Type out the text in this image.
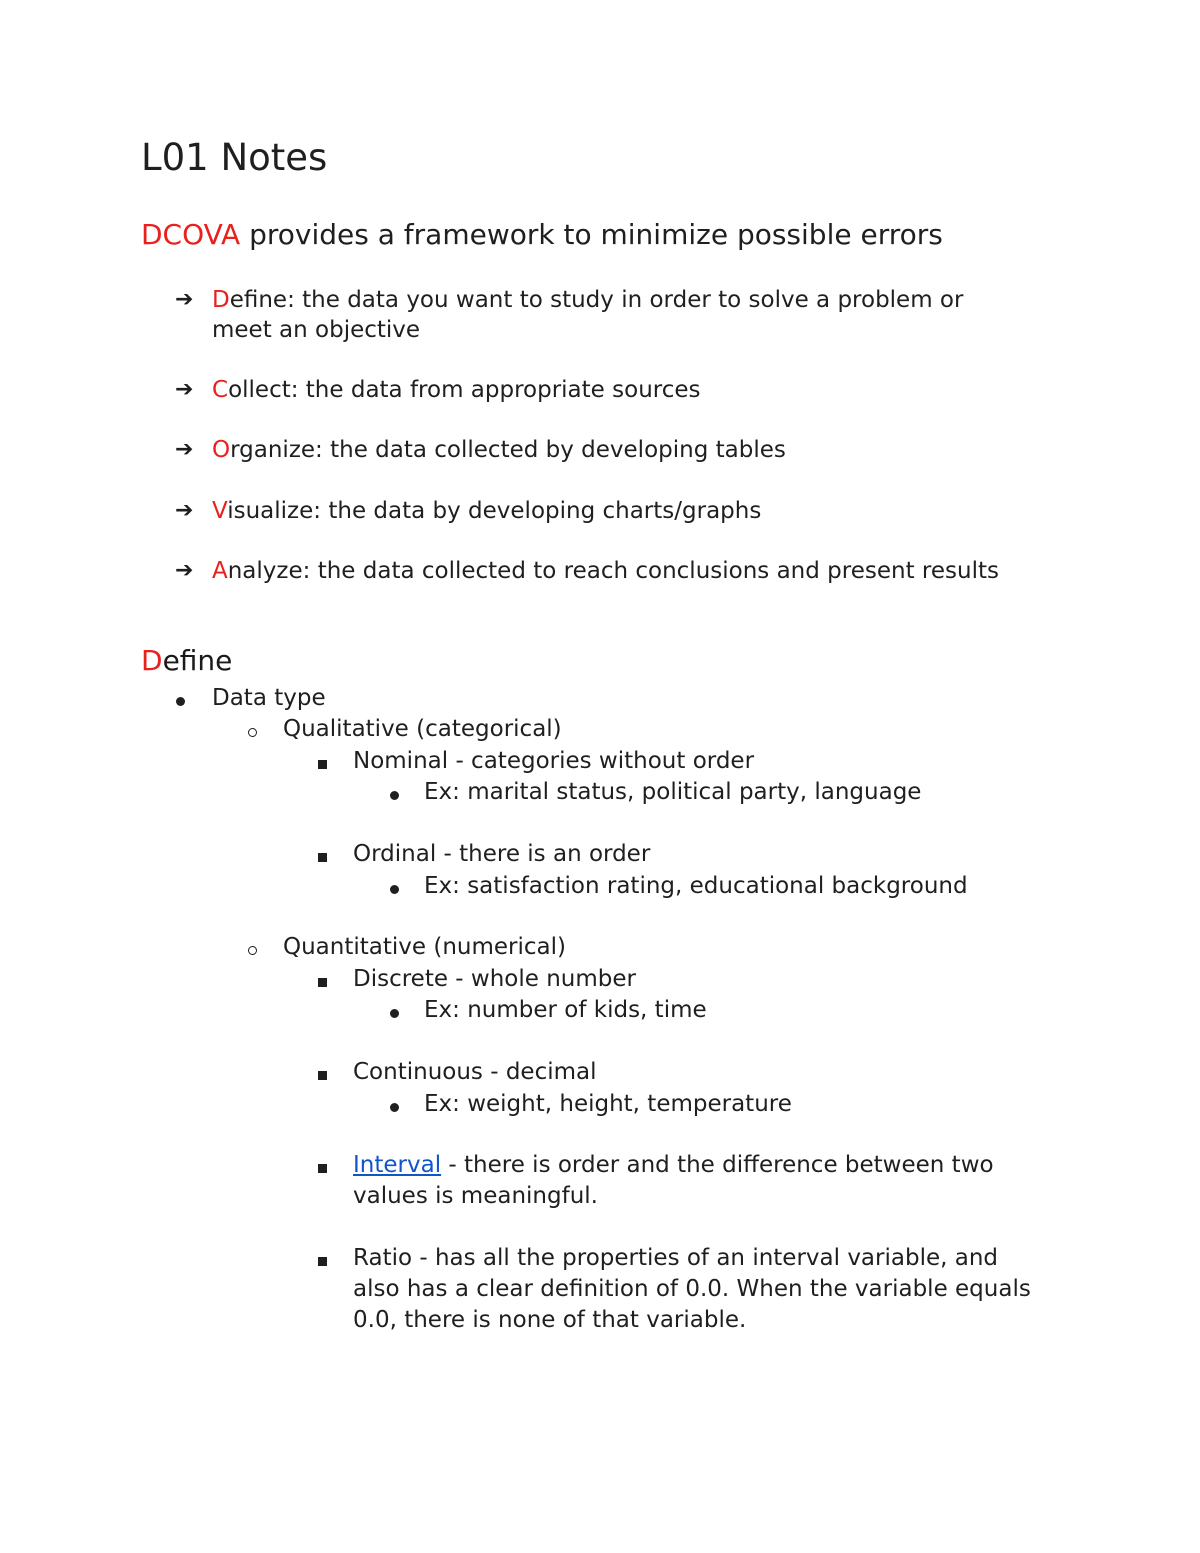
L01 Notes
DCOVA provides a framework to minimize possible errors
➔ Define: the data you want to study in order to solve a problem or
meet an objective
➔ Collect: the data from appropriate sources
➔ Organize: the data collected by developing tables
➔ Visualize: the data by developing charts/graphs
➔ Analyze: the data collected to reach conclusions and present results
Define
Data type
Qualitative (categorical)
Nominal - categories without order
Ex: marital status, political party, language
Ordinal - there is an order
Ex: satisfaction rating, educational background
Quantitative (numerical)
Discrete - whole number
Ex: number of kids, time
Continuous - decimal
Ex: weight, height, temperature
Interval - there is order and the difference between two
values is meaningful.
Ratio - has all the properties of an interval variable, and
also has a clear definition of 0.0. When the variable equals
0.0, there is none of that variable.
